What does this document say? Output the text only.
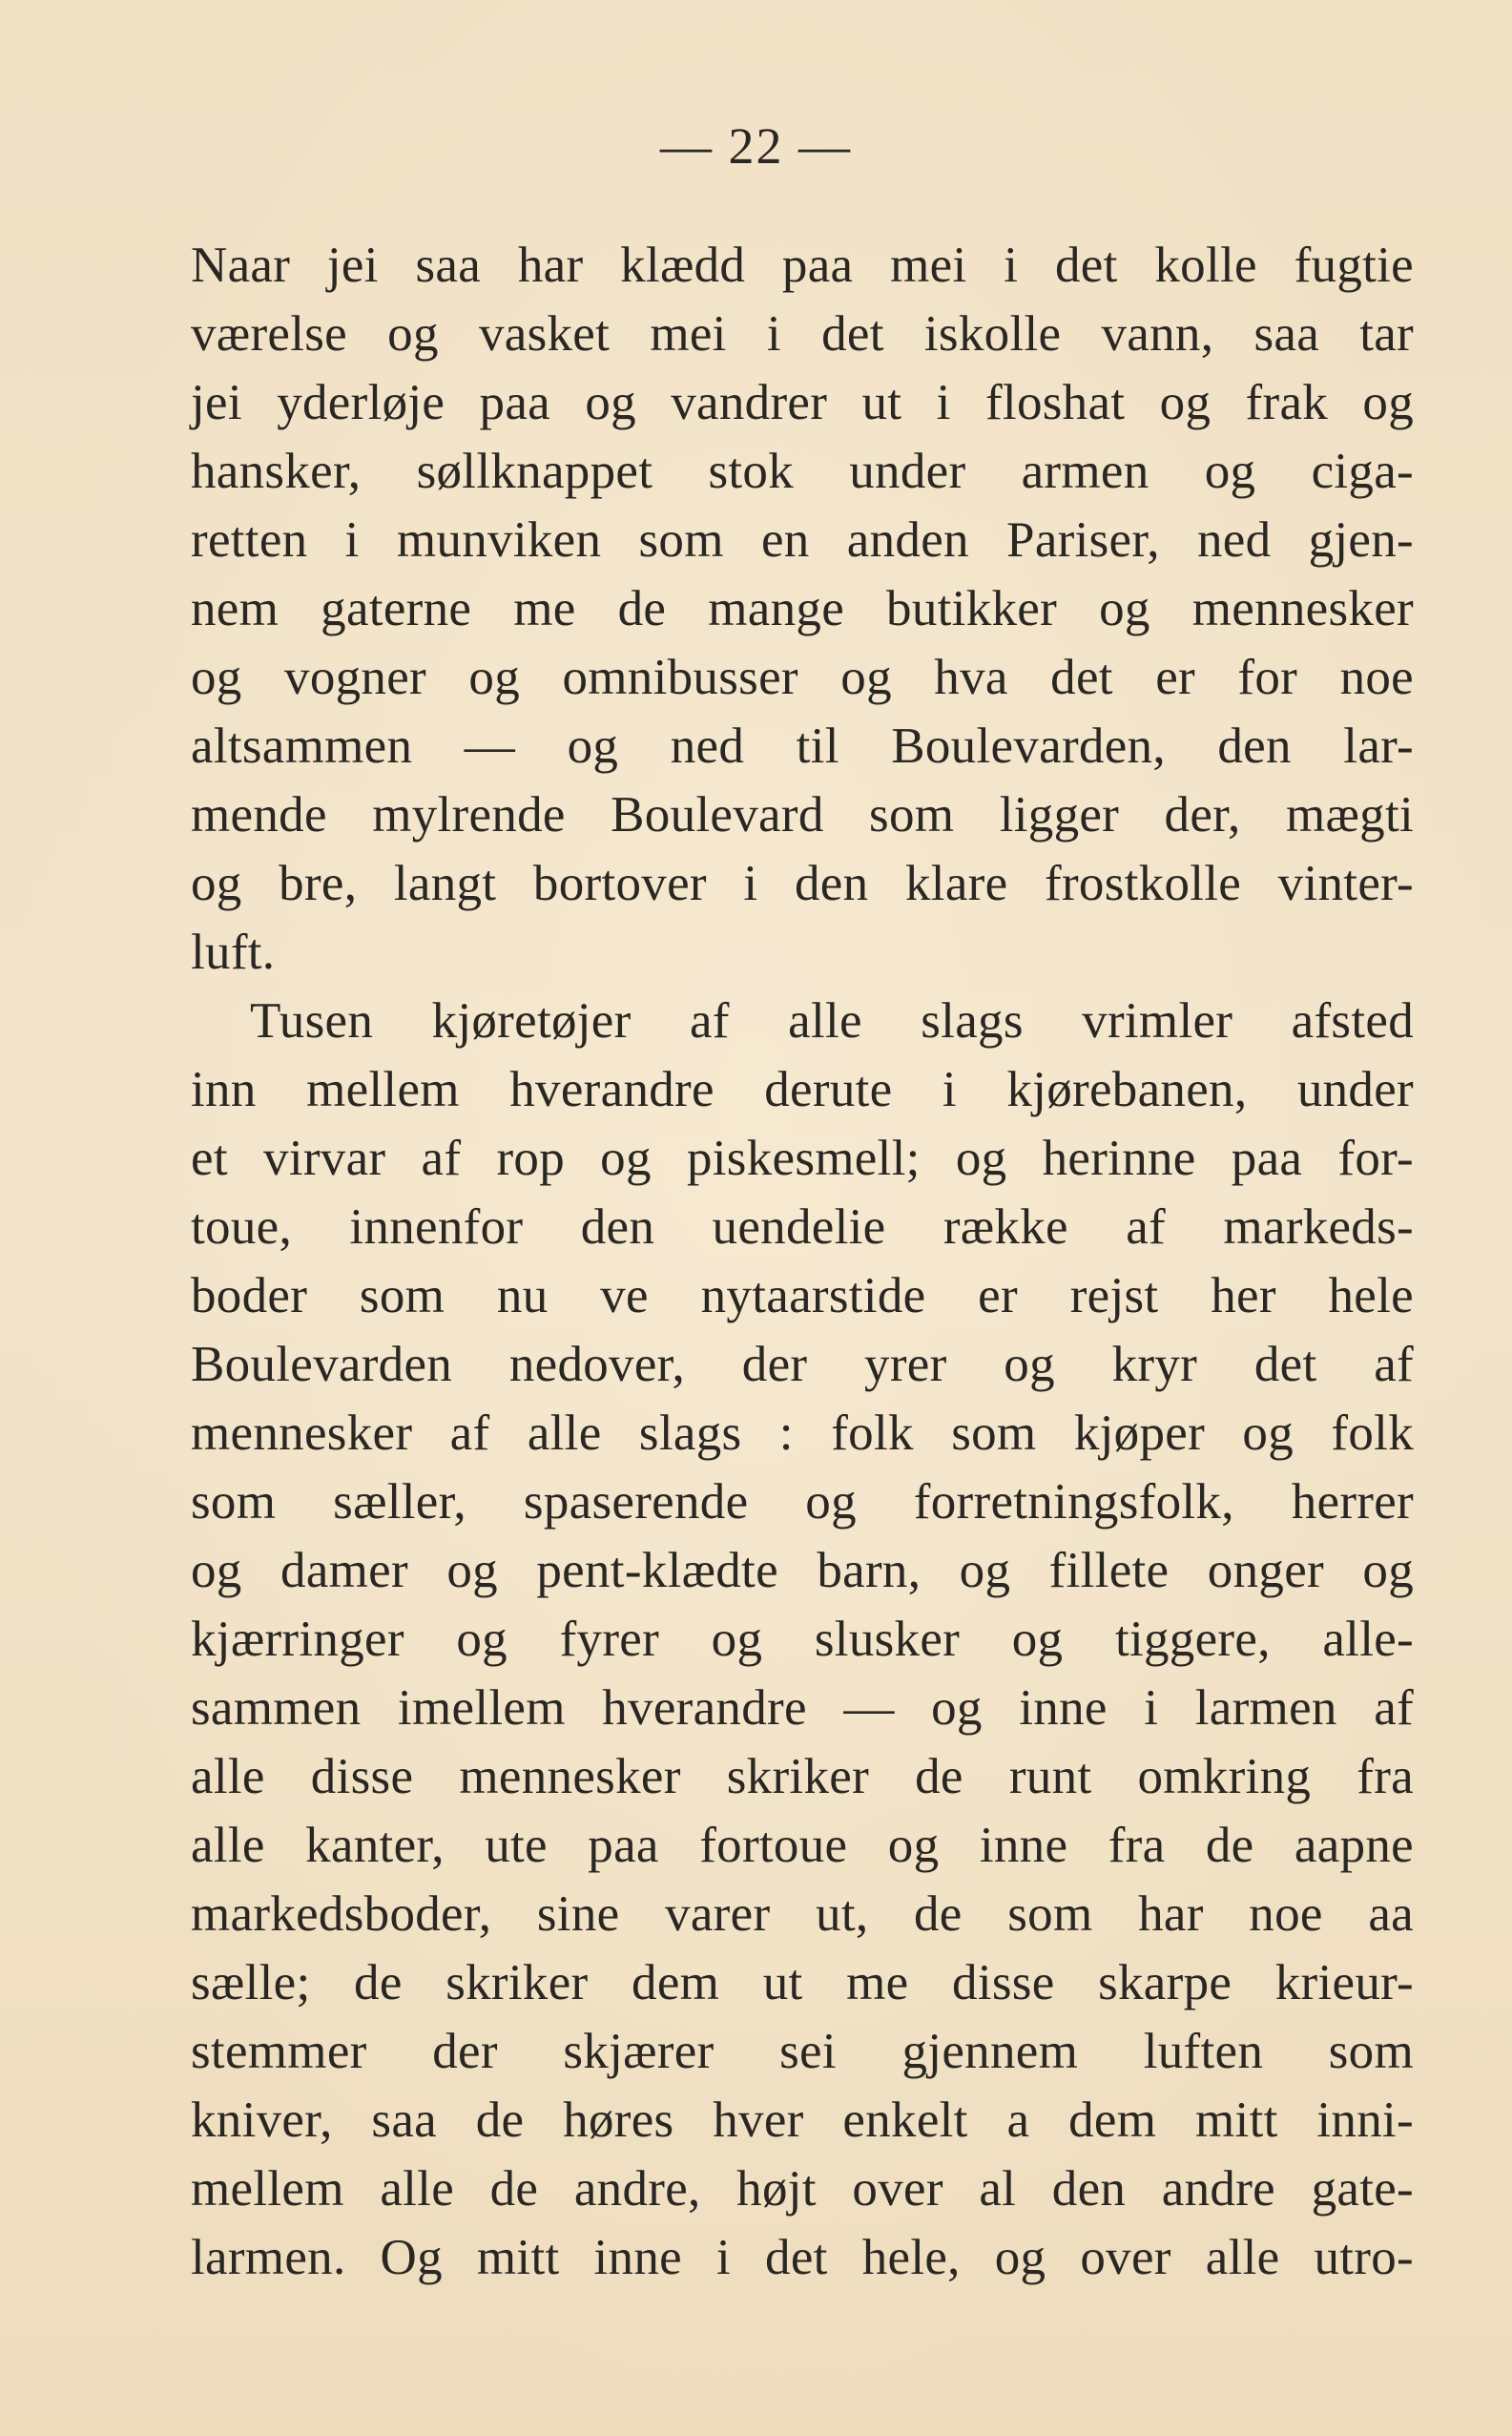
— 22 —
Naar jei saa har klædd paa mei i det kolle fugtie
værelse og vasket mei i det iskolle vann, saa tar
jei yderløje paa og vandrer ut i floshat og frak og
hansker, søllknappet stok under armen og ciga-
retten i munviken som en anden Pariser, ned gjen-
nem gaterne me de mange butikker og mennesker
og vogner og omnibusser og hva det er for noe
altsammen — og ned til Boulevarden, den lar-
mende mylrende Boulevard som ligger der, mægti
og bre, langt bortover i den klare frostkolle vinter-
luft.
Tusen kjøretøjer af alle slags vrimler afsted
inn mellem hverandre derute i kjørebanen, under
et virvar af rop og piskesmell; og herinne paa for-
toue, innenfor den uendelie række af markeds-
boder som nu ve nytaarstide er rejst her hele
Boulevarden nedover, der yrer og kryr det af
mennesker af alle slags : folk som kjøper og folk
som sæller, spaserende og forretningsfolk, herrer
og damer og pent-klædte barn, og fillete onger og
kjærringer og fyrer og slusker og tiggere, alle-
sammen imellem hverandre — og inne i larmen af
alle disse mennesker skriker de runt omkring fra
alle kanter, ute paa fortoue og inne fra de aapne
markedsboder, sine varer ut, de som har noe aa
sælle; de skriker dem ut me disse skarpe krieur-
stemmer der skjærer sei gjennem luften som
kniver, saa de høres hver enkelt a dem mitt inni-
mellem alle de andre, højt over al den andre gate-
larmen. Og mitt inne i det hele, og over alle utro-
